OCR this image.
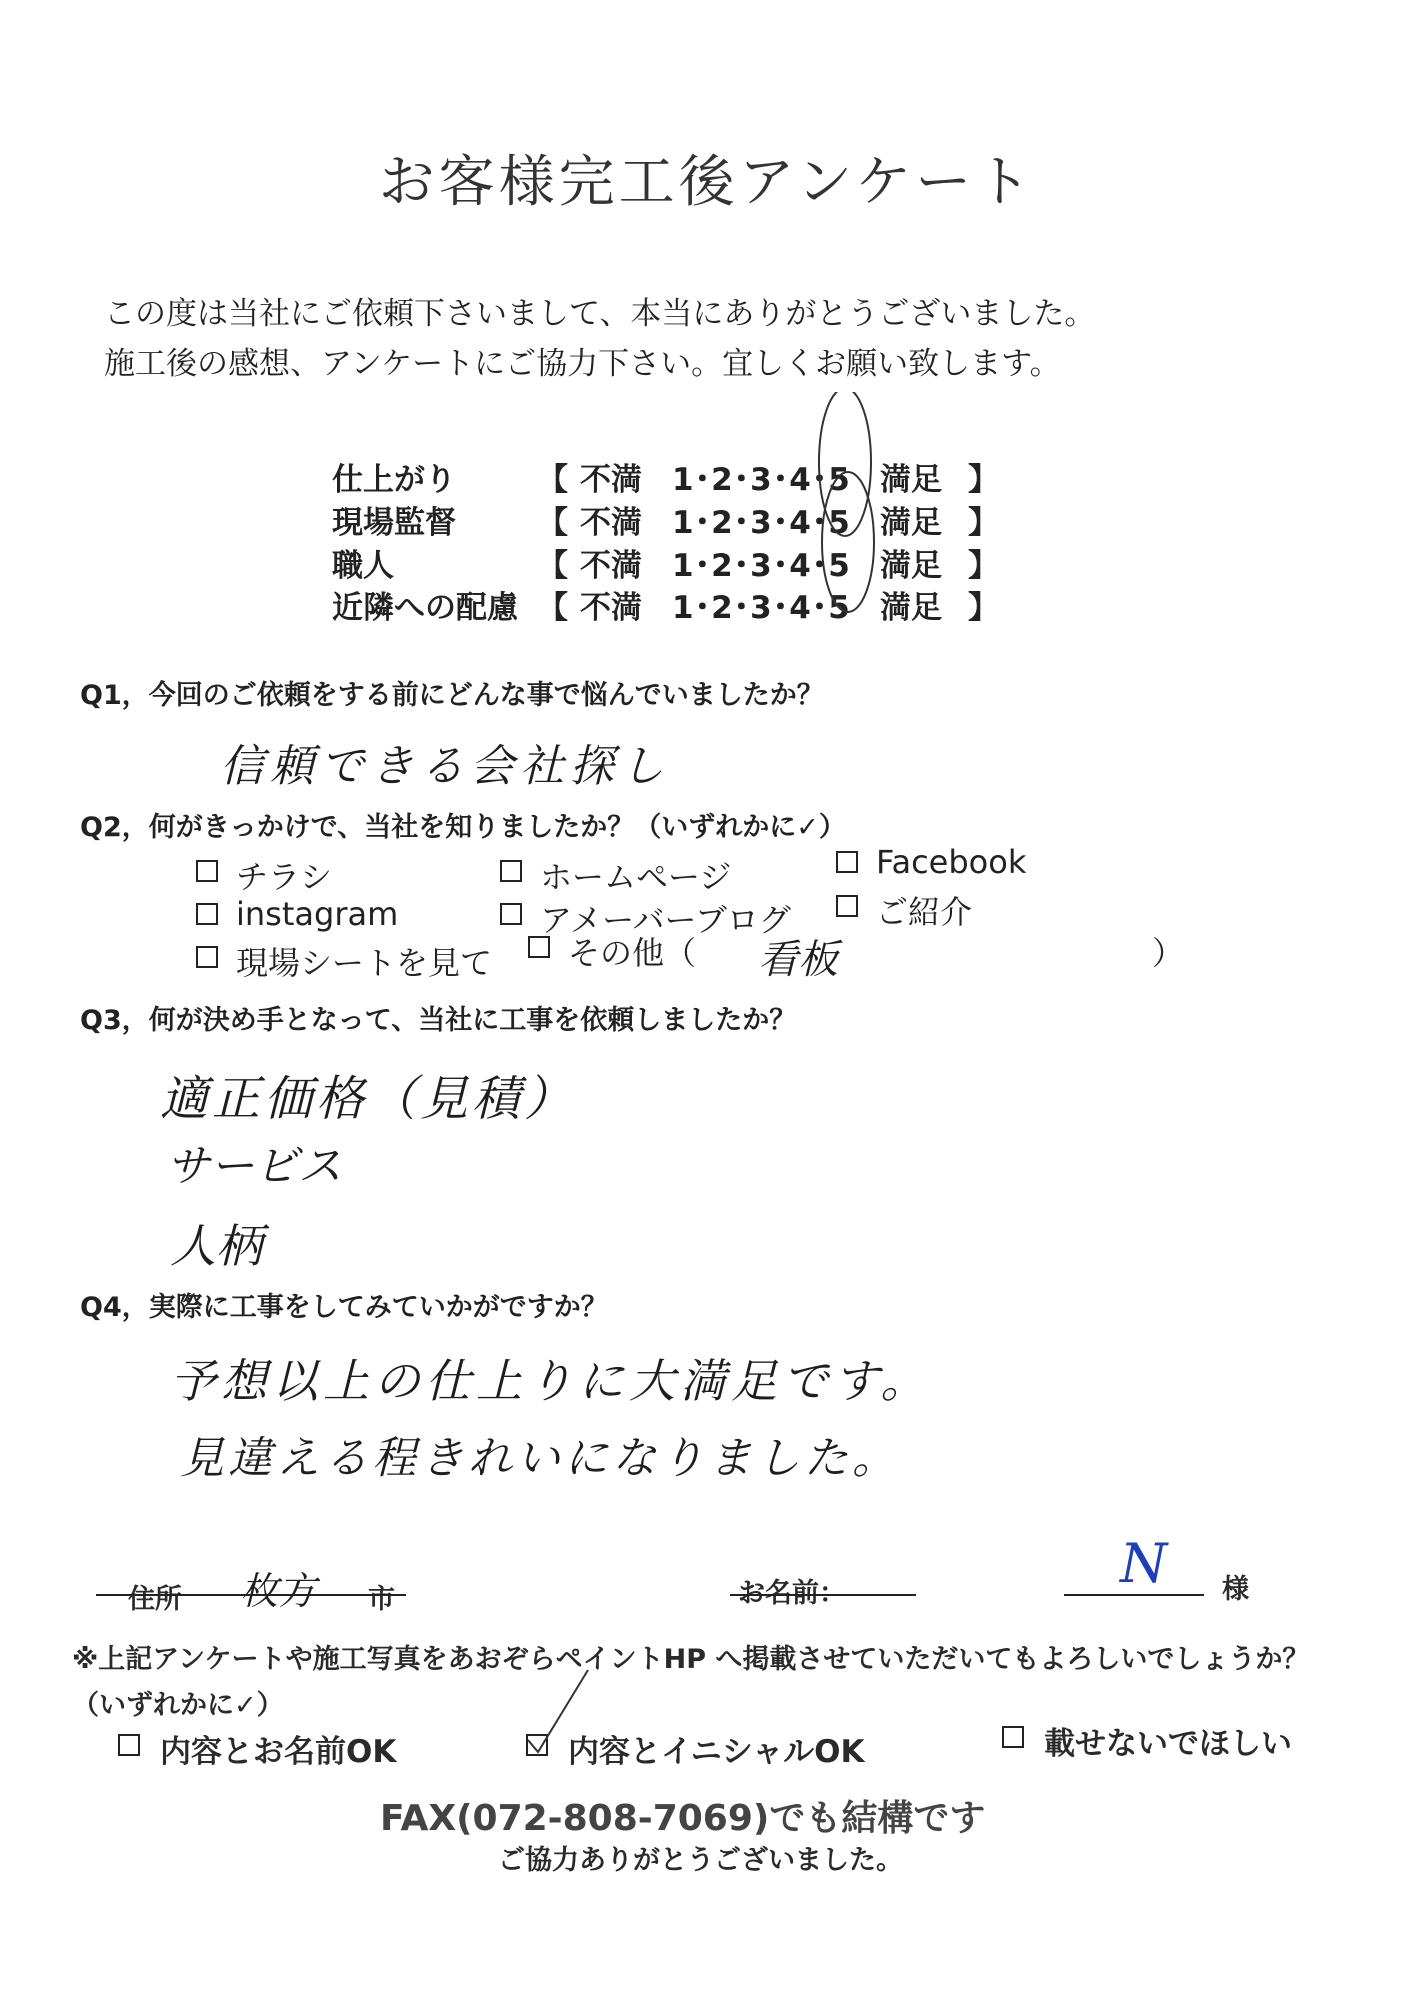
お客様完工後アンケート
この度は当社にご依頼下さいまして、本当にありがとうございました。
施工後の感想、アンケートにご協力下さい。宜しくお願い致します。
仕上がり	【 不満 1･2･3･4･5 満足 】
現場監督	【 不満 1･2･3･4･5 満足 】
職人	【 不満 1･2･3･4･5 満足 】
近隣への配慮 【 不満 1･2･3･4･5 満足 】
Q1，今回のご依頼をする前にどんな事で悩んでいましたか？
信頼できる会社探し
Q2，何がきっかけで、当社を知りましたか？（いずれかに✓）
チラシ	ホームページ	Facebook
instagram	アメーバーブログ	ご紹介
現場シートを見て その他（ 看板	）
Q3，何が決め手となって、当社に工事を依頼しましたか？
適正価格（見積）
サービス
人柄
Q4，実際に工事をしてみていかがですか？
予想以上の仕上りに大満足です。
見違える程きれいになりました。
住所 枚方 市	お名前：	N 様
※上記アンケートや施工写真をあおぞらペイントHP へ掲載させていただいてもよろしいでしょうか？
（いずれかに✓）
内容とお名前OK	内容とイニシャルOK	載せないでほしい
FAX(072-808-7069)でも結構です
ご協力ありがとうございました。
